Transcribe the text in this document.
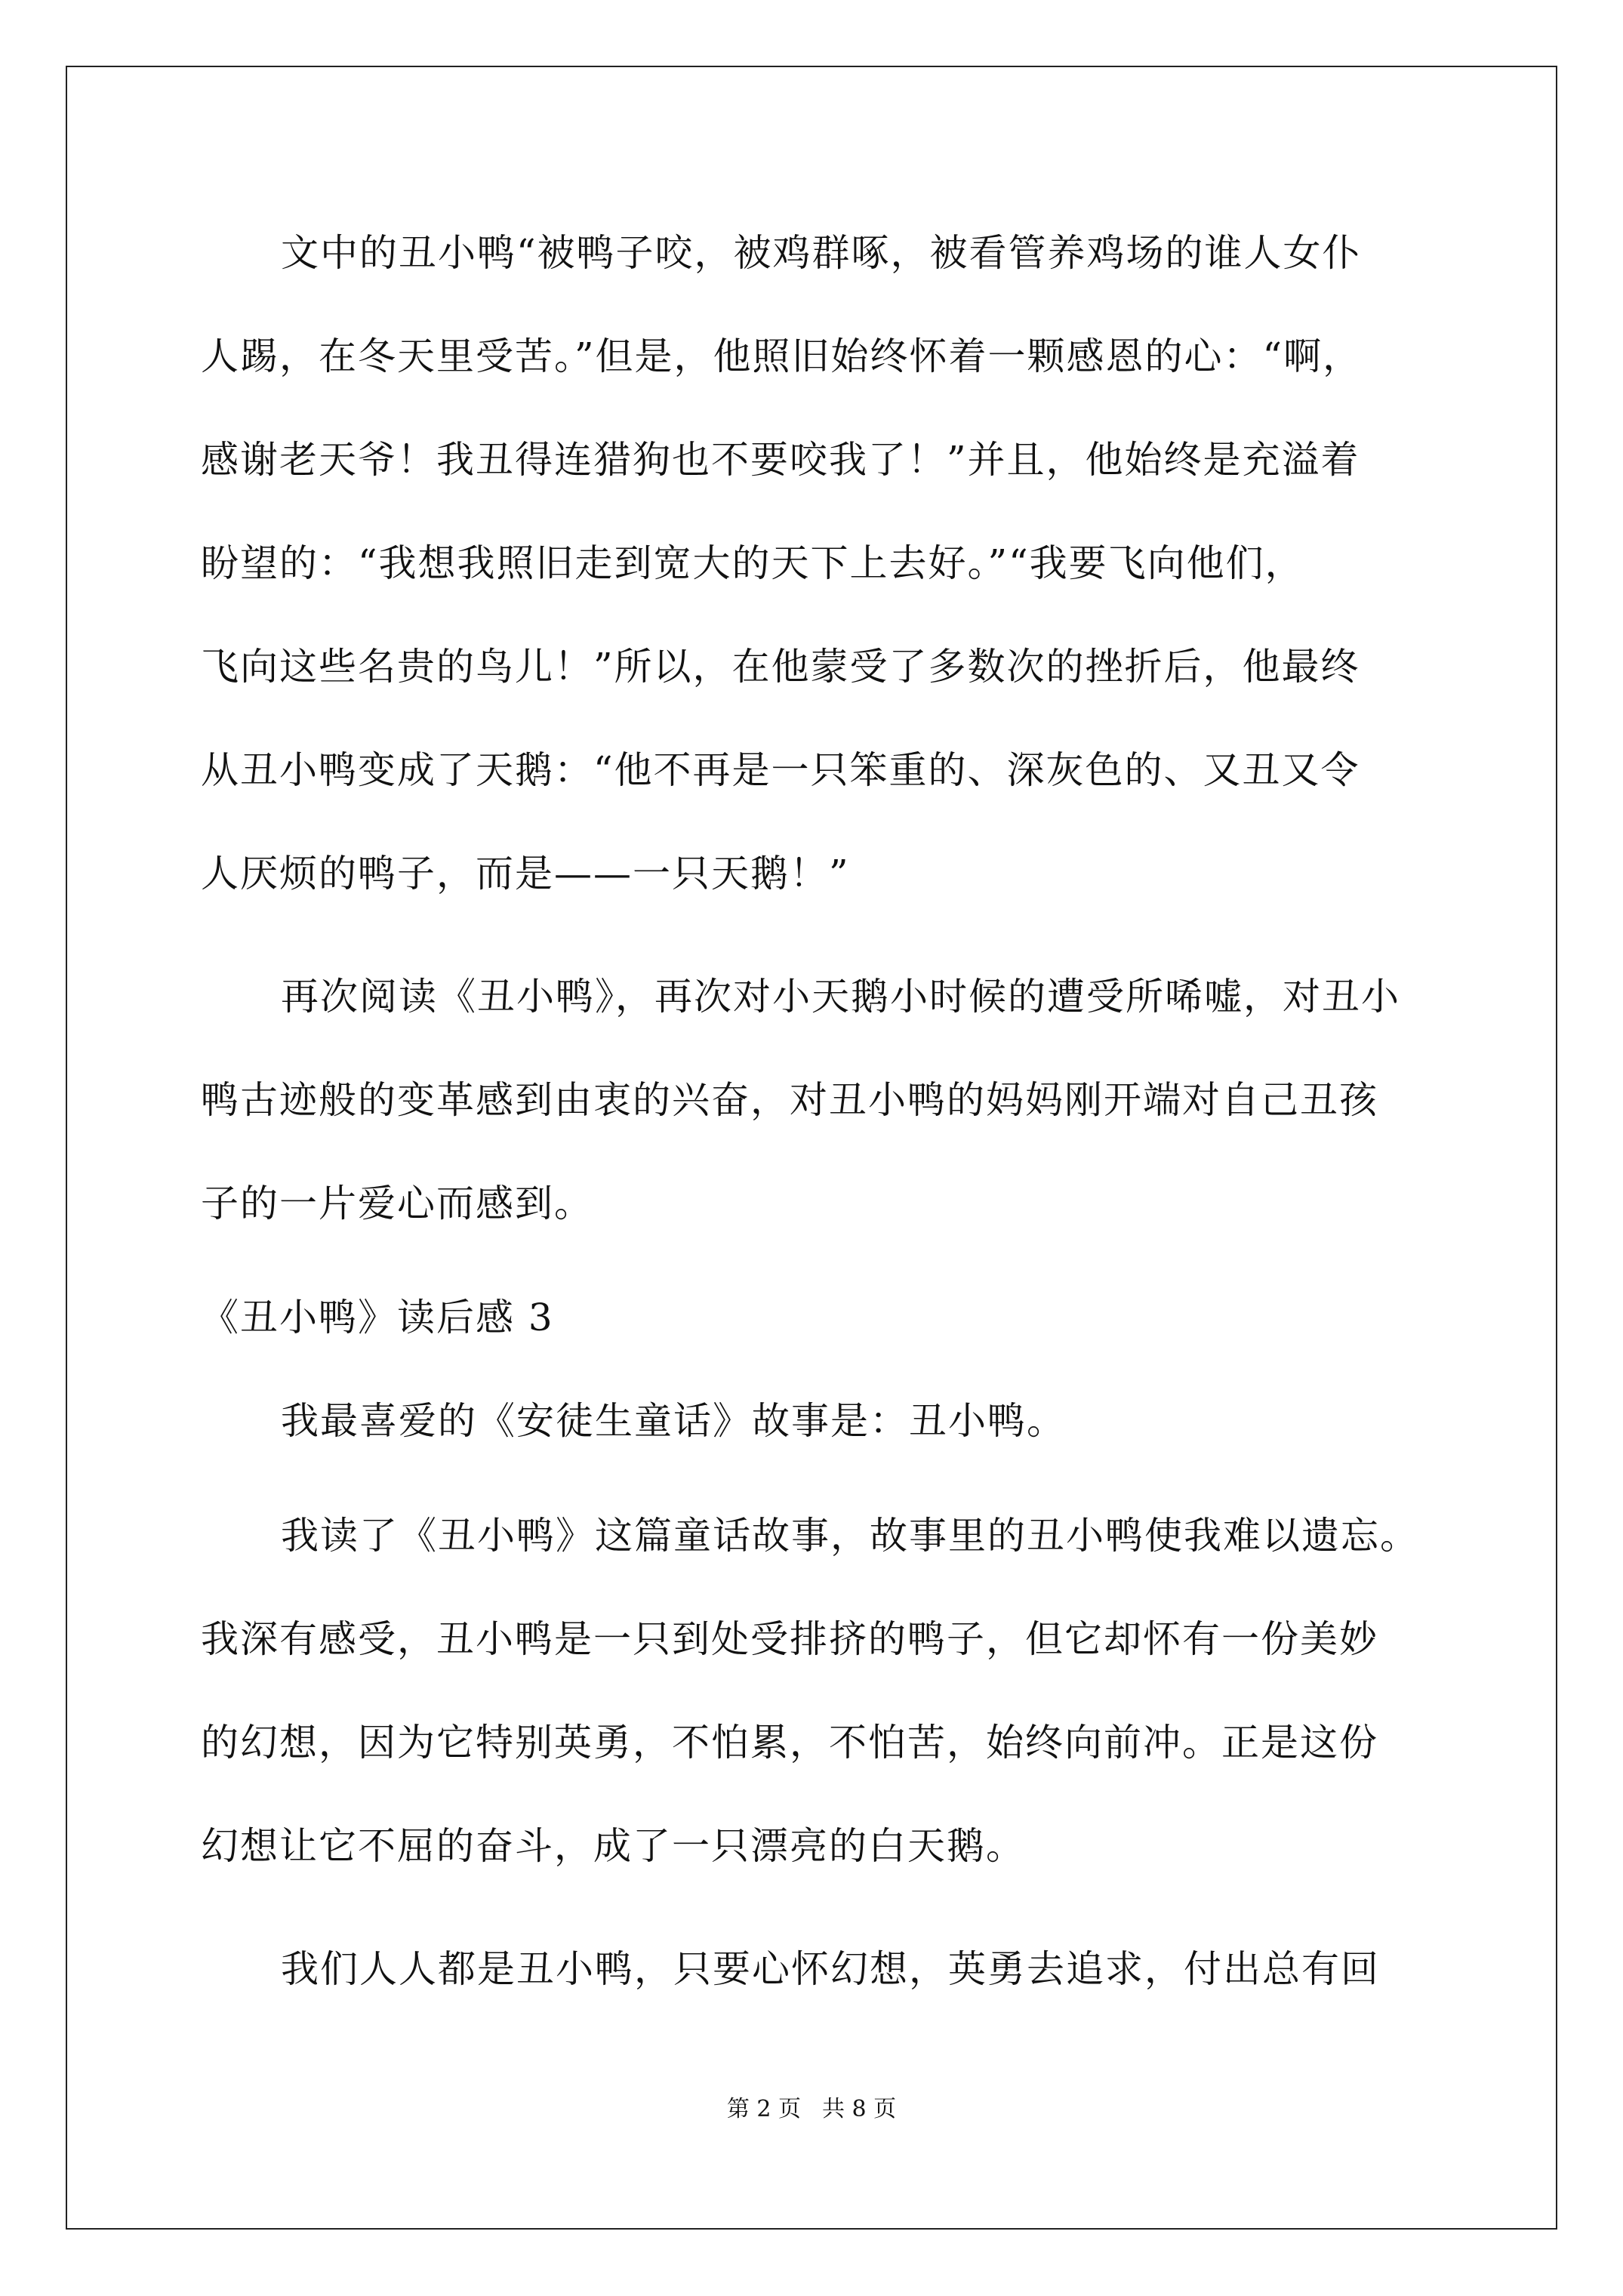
文中的丑小鸭“被鸭子咬，被鸡群啄，被看管养鸡场的谁人女仆
人踢，在冬天里受苦。”但是，他照旧始终怀着一颗感恩的心：“啊，
感谢老天爷！我丑得连猎狗也不要咬我了！”并且，他始终是充溢着
盼望的：“我想我照旧走到宽大的天下上去好。”“我要飞向他们，
飞向这些名贵的鸟儿！”所以，在他蒙受了多数次的挫折后，他最终
从丑小鸭变成了天鹅：“他不再是一只笨重的、深灰色的、又丑又令
人厌烦的鸭子，而是——一只天鹅！”
再次阅读《丑小鸭》，再次对小天鹅小时候的遭受所唏嘘，对丑小
鸭古迹般的变革感到由衷的兴奋，对丑小鸭的妈妈刚开端对自己丑孩
子的一片爱心而感到。
《丑小鸭》读后感 3
我最喜爱的《安徒生童话》故事是：丑小鸭。
我读了《丑小鸭》这篇童话故事，故事里的丑小鸭使我难以遗忘。
我深有感受，丑小鸭是一只到处受排挤的鸭子，但它却怀有一份美妙
的幻想，因为它特别英勇，不怕累，不怕苦，始终向前冲。正是这份
幻想让它不屈的奋斗，成了一只漂亮的白天鹅。
我们人人都是丑小鸭，只要心怀幻想，英勇去追求，付出总有回
第 2 页 共 8 页
